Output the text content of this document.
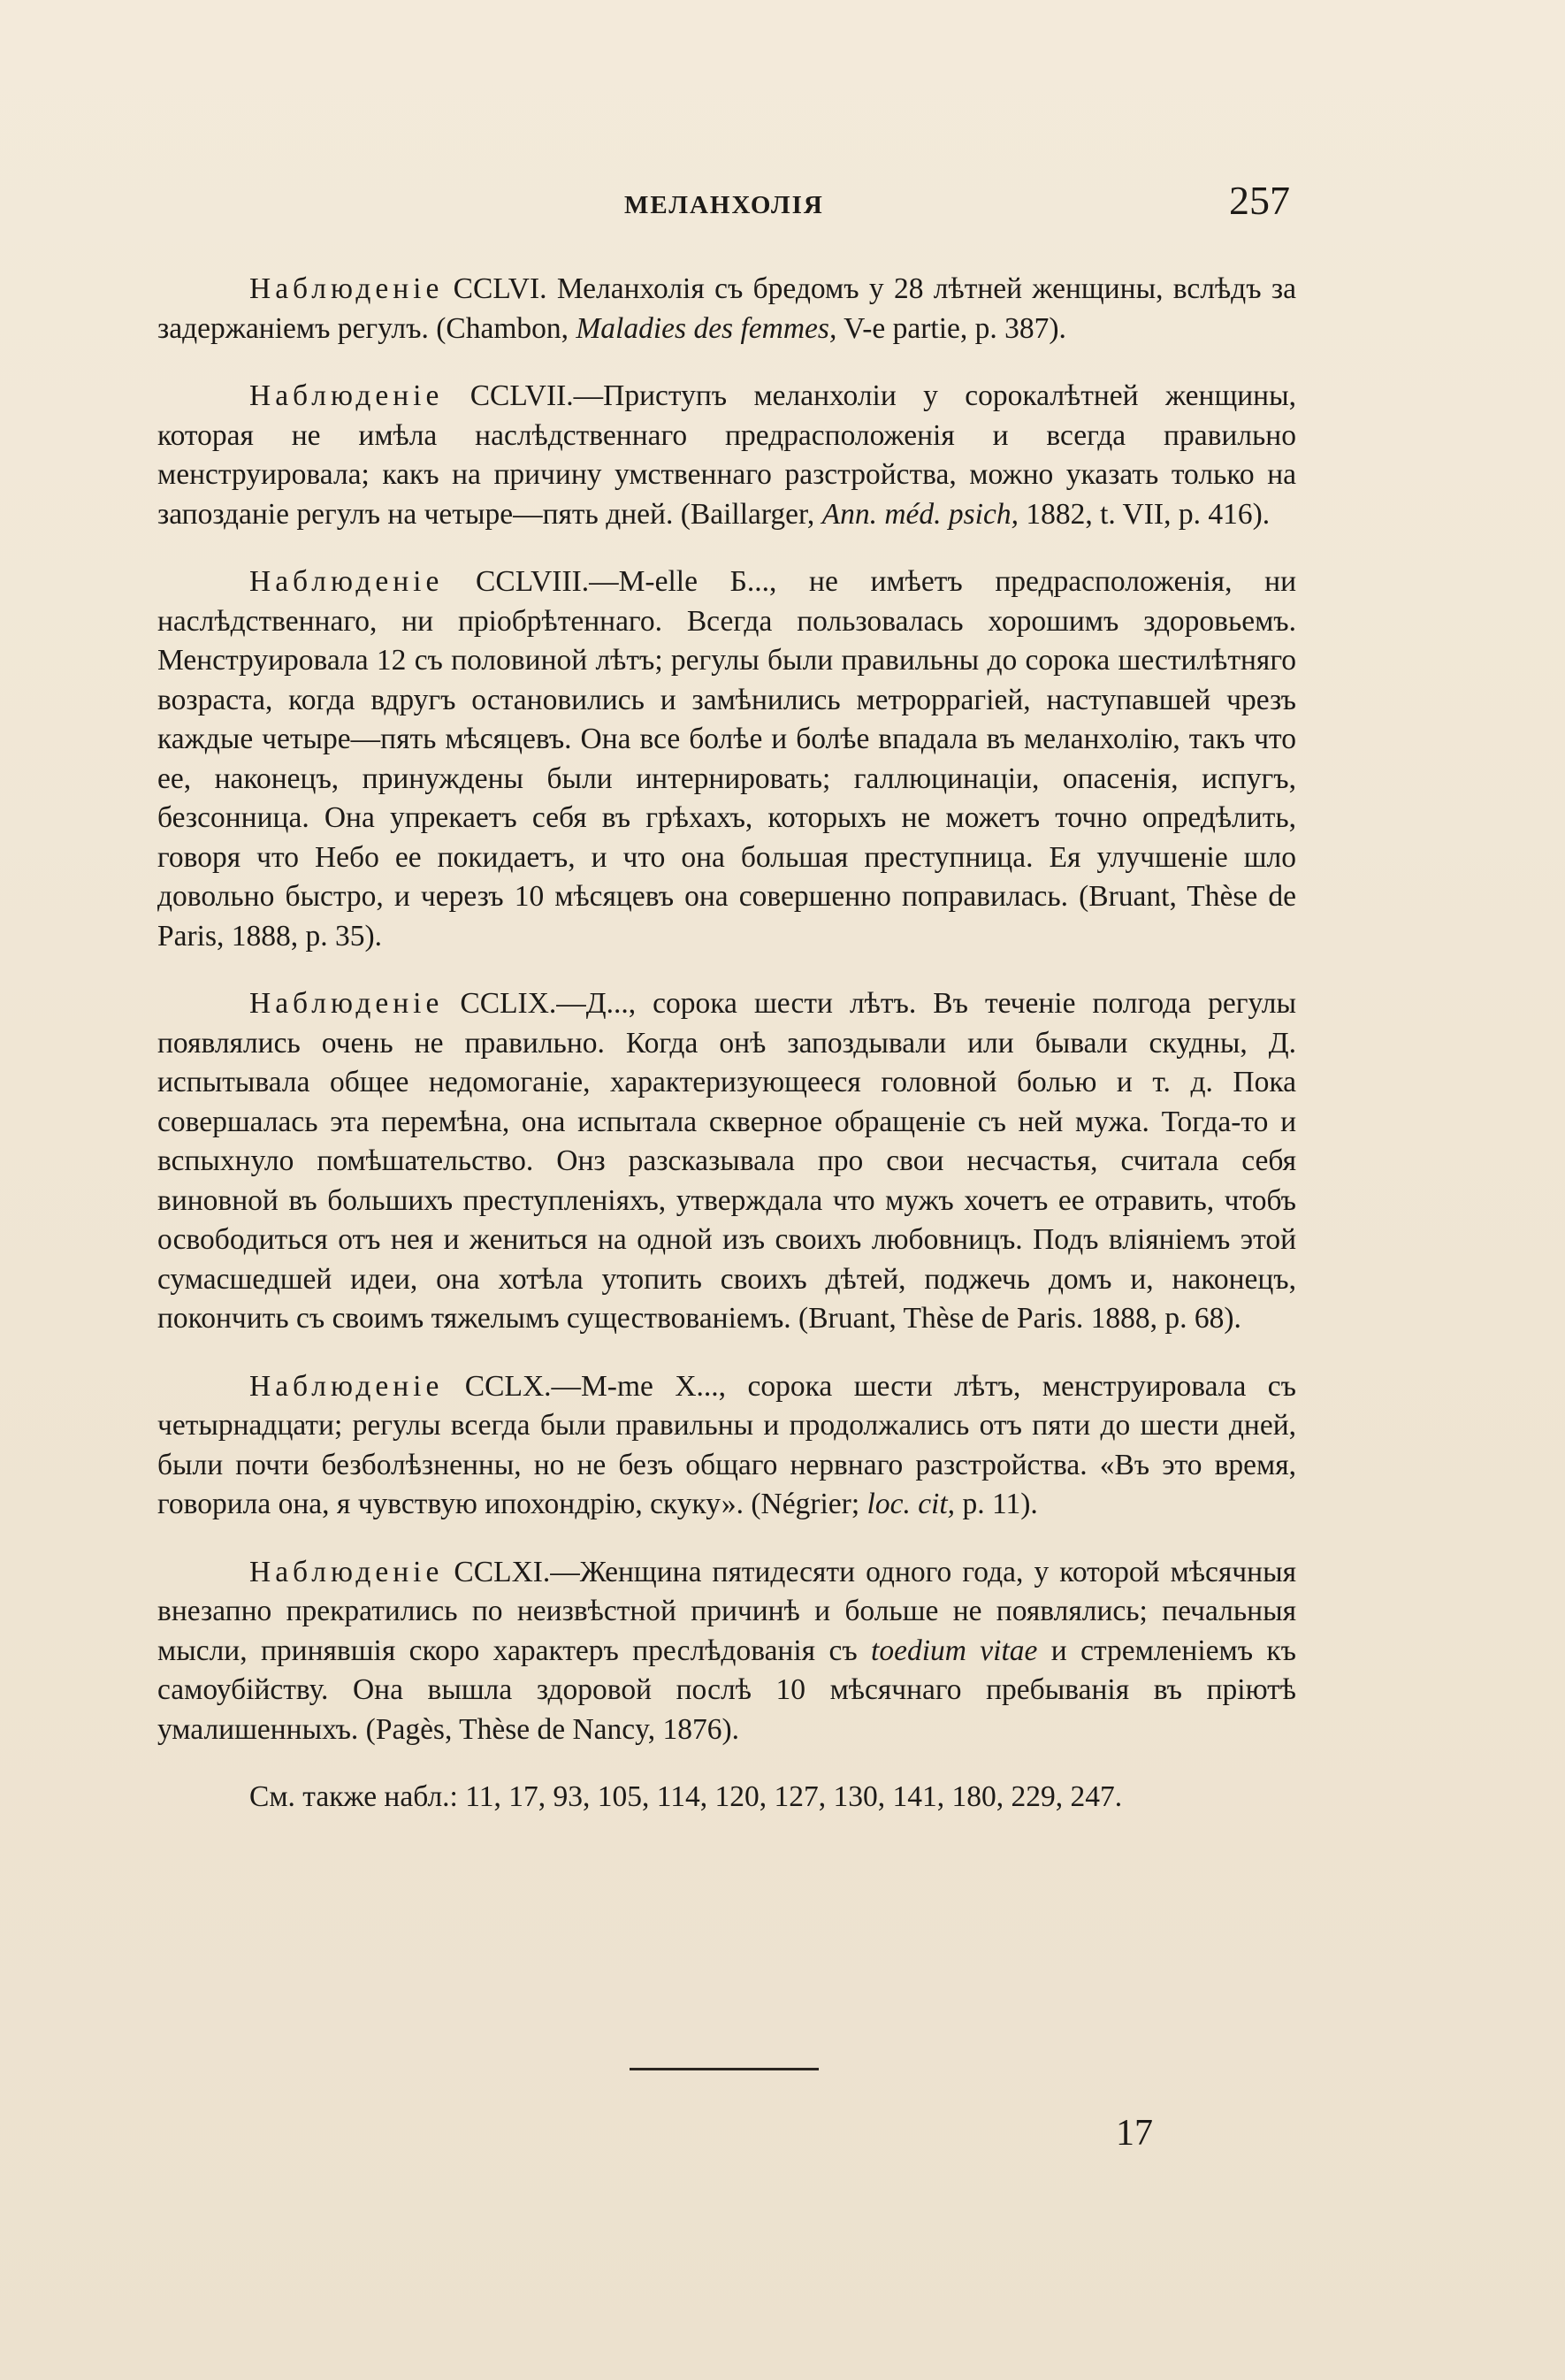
МЕЛАНХОЛІЯ	257

Наблюденіе CCLVI. Меланхолія съ бредомъ у 28 лѣтней женщины, вслѣдъ за задержаніемъ регулъ. (Chambon, Maladies des femmes, V-e partie, p. 387).

Наблюденіе CCLVII.—Приступъ меланхоліи у сорокалѣтней женщины, которая не имѣла наслѣдственнаго предрасположенія и всегда правильно менструировала; какъ на причину умственнаго разстройства, можно указать только на запозданіе регулъ на четыре—пять дней. (Baillarger, Ann. méd. psich, 1882, t. VII, p. 416).

Наблюденіе CCLVIII.—M-elle Б..., не имѣетъ предрасположенія, ни наслѣдственнаго, ни пріобрѣтеннаго. Всегда пользовалась хорошимъ здоровьемъ. Менструировала 12 съ половиной лѣтъ; регулы были правильны до сорока шестилѣтняго возраста, когда вдругъ остановились и замѣнились метроррагіей, наступавшей чрезъ каждые четыре—пять мѣсяцевъ. Она все болѣе и болѣе впадала въ меланхолію, такъ что ее, наконецъ, принуждены были интернировать; галлюцинаціи, опасенія, испугъ, безсонница. Она упрекаетъ себя въ грѣхахъ, которыхъ не можетъ точно опредѣлить, говоря что Небо ее покидаетъ, и что она большая преступница. Ея улучшеніе шло довольно быстро, и черезъ 10 мѣсяцевъ она совершенно поправилась. (Bruant, Thèse de Paris, 1888, p. 35).

Наблюденіе CCLIX.—Д..., сорока шести лѣтъ. Въ теченіе полгода регулы появлялись очень не правильно. Когда онѣ запоздывали или бывали скудны, Д. испытывала общее недомоганіе, характеризующееся головной болью и т. д. Пока совершалась эта перемѣна, она испытала скверное обращеніе съ ней мужа. Тогда-то и вспыхнуло помѣшательство. Онз разсказывала про свои несчастья, считала себя виновной въ большихъ преступленіяхъ, утверждала что мужъ хочетъ ее отравить, чтобъ освободиться отъ нея и жениться на одной изъ своихъ любовницъ. Подъ вліяніемъ этой сумасшедшей идеи, она хотѣла утопить своихъ дѣтей, поджечь домъ и, наконецъ, покончить съ своимъ тяжелымъ существованіемъ. (Bruant, Thèse de Paris. 1888, p. 68).

Наблюденіе CCLX.—M-me X..., сорока шести лѣтъ, менструировала съ четырнадцати; регулы всегда были правильны и продолжались отъ пяти до шести дней, были почти безболѣзненны, но не безъ общаго нервнаго разстройства. «Въ это время, говорила она, я чувствую ипохондрію, скуку». (Négrier; loc. cit, p. 11).

Наблюденіе CCLXI.—Женщина пятидесяти одного года, у которой мѣсячныя внезапно прекратились по неизвѣстной причинѣ и больше не появлялись; печальныя мысли, принявшія скоро характеръ преслѣдованія съ toedium vitae и стремленіемъ къ самоубійству. Она вышла здоровой послѣ 10 мѣсячнаго пребыванія въ пріютѣ умалишенныхъ. (Pagès, Thèse de Nancy, 1876).

См. также набл.: 11, 17, 93, 105, 114, 120, 127, 130, 141, 180, 229, 247.

17
